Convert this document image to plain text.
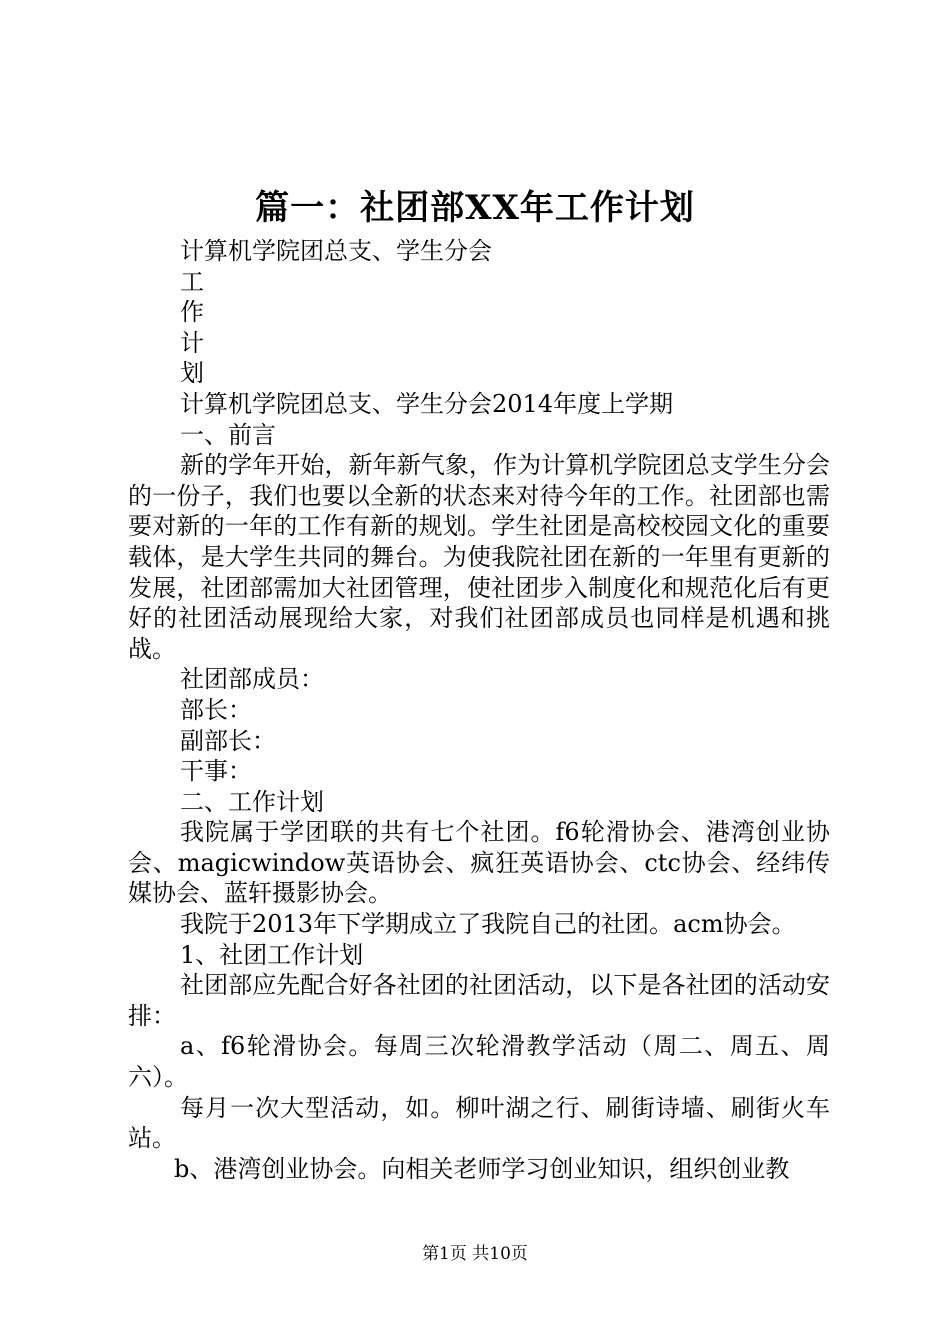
篇一：社团部XX年工作计划

计算机学院团总支、学生分会

工

作

计

划

计算机学院团总支、学生分会2014年度上学期

一、前言

新的学年开始，新年新气象，作为计算机学院团总支学生分会的一份子，我们也要以全新的状态来对待今年的工作。社团部也需要对新的一年的工作有新的规划。学生社团是高校校园文化的重要载体，是大学生共同的舞台。为使我院社团在新的一年里有更新的发展，社团部需加大社团管理，使社团步入制度化和规范化后有更好的社团活动展现给大家，对我们社团部成员也同样是机遇和挑战。

社团部成员：

部长：

副部长：

干事：

二、工作计划

我院属于学团联的共有七个社团。f6轮滑协会、港湾创业协会、magicwindow英语协会、疯狂英语协会、ctc协会、经纬传媒协会、蓝轩摄影协会。

我院于2013年下学期成立了我院自己的社团。acm协会。

1、社团工作计划

社团部应先配合好各社团的社团活动，以下是各社团的活动安排：

a、f6轮滑协会。每周三次轮滑教学活动（周二、周五、周六）。

每月一次大型活动，如。柳叶湖之行、刷街诗墙、刷街火车站。

b、港湾创业协会。向相关老师学习创业知识，组织创业教

第1页 共10页
